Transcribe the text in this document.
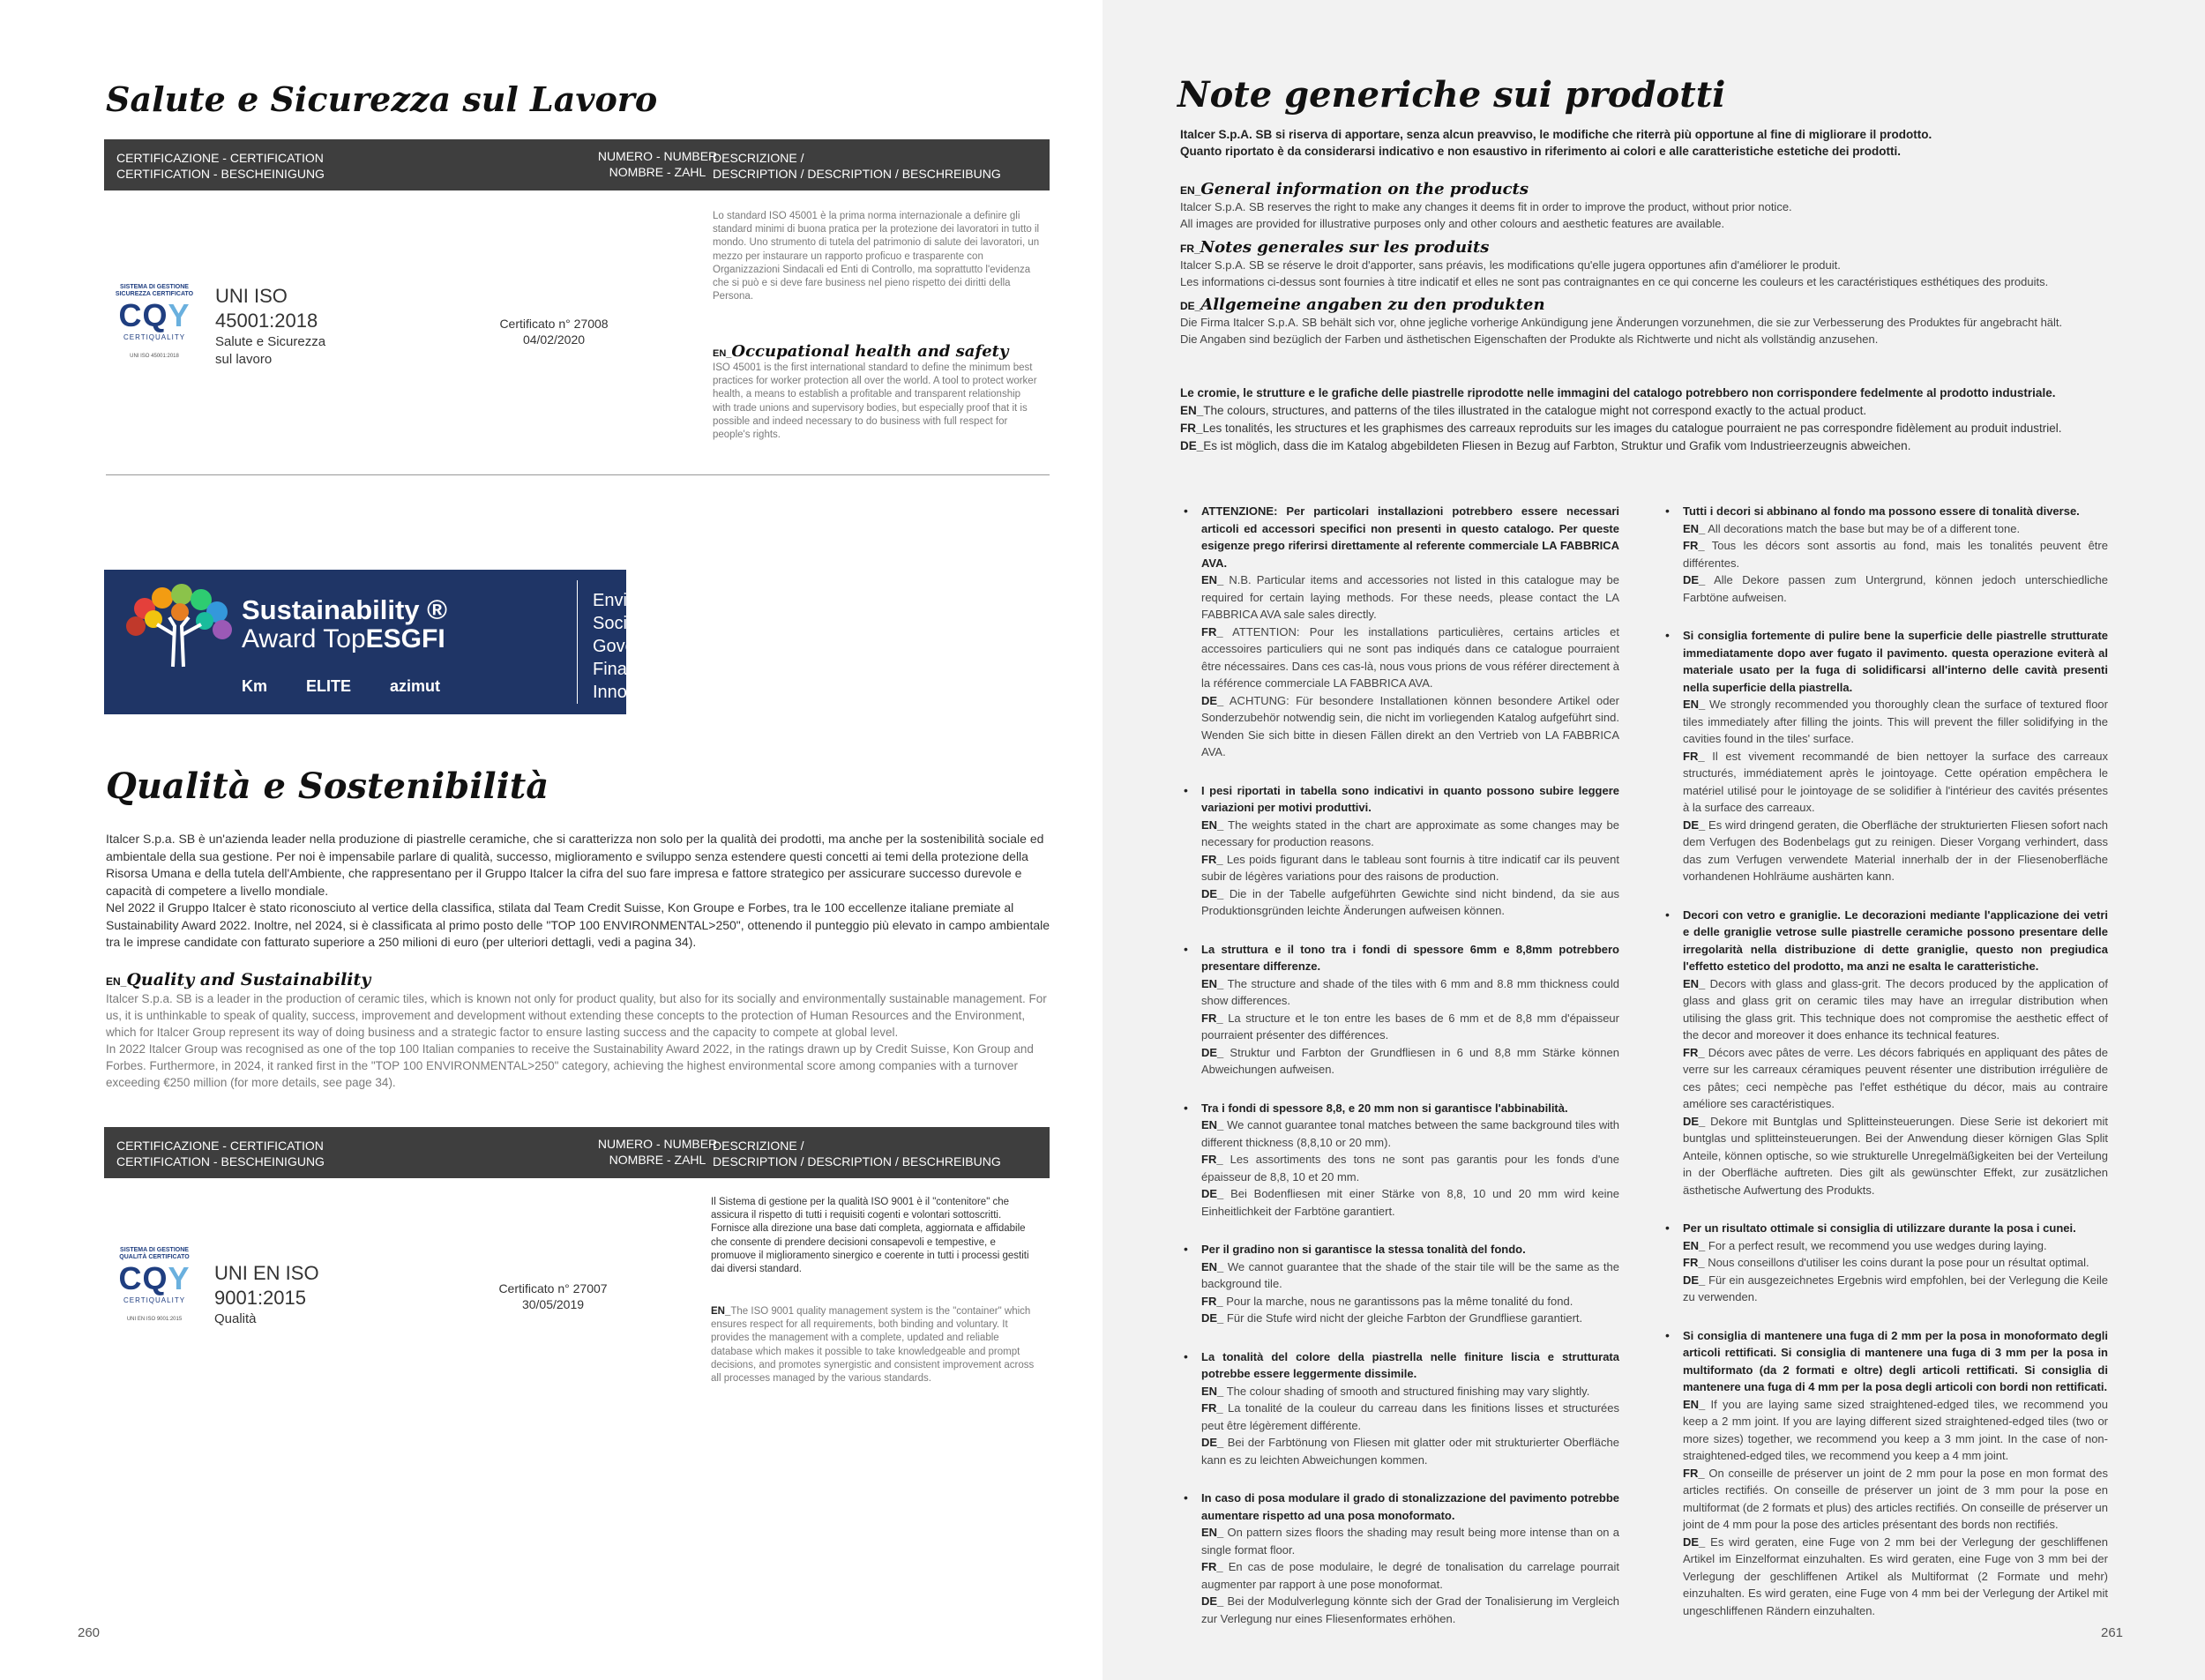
Salute e Sicurezza sul Lavoro
CERTIFICAZIONE - CERTIFICATION
CERTIFICATION - BESCHEINIGUNG
NUMERO - NUMBER
NOMBRE - ZAHL
DESCRIZIONE /
DESCRIPTION / DESCRIPTION / BESCHREIBUNG
SISTEMA DI GESTIONE
SICUREZZA CERTIFICATO
CQY
CERTIQUALITY
UNI ISO 45001:2018
UNI ISO
45001:2018
Salute e Sicurezza
sul lavoro
Certificato n° 27008
04/02/2020
Lo standard ISO 45001 è la prima norma internazionale a definire gli standard minimi di buona pratica per la protezione dei lavoratori in tutto il mondo. Uno strumento di tutela del patrimonio di salute dei lavoratori, un mezzo per instaurare un rapporto proficuo e trasparente con Organizzazioni Sindacali ed Enti di Controllo, ma soprattutto l'evidenza che si può e si deve fare business nel pieno rispetto dei diritti della Persona.
EN_Occupational health and safety
ISO 45001 is the first international standard to define the minimum best practices for worker protection all over the world. A tool to protect worker health, a means to establish a profitable and transparent relationship with trade unions and supervisory bodies, but especially proof that it is possible and indeed necessary to do business with full respect for people's rights.
Sustainability ®
Award TopESGFI
Km ELITE azimut
Environmental
Social
Governance
Finance
Innovation
Qualità e Sostenibilità
Italcer S.p.a. SB è un'azienda leader nella produzione di piastrelle ceramiche, che si caratterizza non solo per la qualità dei prodotti, ma anche per la sostenibilità sociale ed ambientale della sua gestione. Per noi è impensabile parlare di qualità, successo, miglioramento e sviluppo senza estendere questi concetti ai temi della protezione della Risorsa Umana e della tutela dell'Ambiente, che rappresentano per il Gruppo Italcer la cifra del suo fare impresa e fattore strategico per assicurare successo durevole e capacità di competere a livello mondiale.
Nel 2022 il Gruppo Italcer è stato riconosciuto al vertice della classifica, stilata dal Team Credit Suisse, Kon Groupe e Forbes, tra le 100 eccellenze italiane premiate al Sustainability Award 2022. Inoltre, nel 2024, si è classificata al primo posto delle "TOP 100 ENVIRONMENTAL>250", ottenendo il punteggio più elevato in campo ambientale tra le imprese candidate con fatturato superiore a 250 milioni di euro (per ulteriori dettagli, vedi a pagina 34).
EN_Quality and Sustainability
Italcer S.p.a. SB is a leader in the production of ceramic tiles, which is known not only for product quality, but also for its socially and environmentally sustainable management. For us, it is unthinkable to speak of quality, success, improvement and development without extending these concepts to the protection of Human Resources and the Environment, which for Italcer Group represent its way of doing business and a strategic factor to ensure lasting success and the capacity to compete at global level.
In 2022 Italcer Group was recognised as one of the top 100 Italian companies to receive the Sustainability Award 2022, in the ratings drawn up by Credit Suisse, Kon Group and Forbes. Furthermore, in 2024, it ranked first in the "TOP 100 ENVIRONMENTAL>250" category, achieving the highest environmental score among companies with a turnover exceeding €250 million (for more details, see page 34).
CERTIFICAZIONE - CERTIFICATION
CERTIFICATION - BESCHEINIGUNG
NUMERO - NUMBER
NOMBRE - ZAHL
DESCRIZIONE /
DESCRIPTION / DESCRIPTION / BESCHREIBUNG
SISTEMA DI GESTIONE
QUALITÀ CERTIFICATO
CQY
CERTIQUALITY
UNI EN ISO 9001:2015
UNI EN ISO
9001:2015
Qualità
Certificato n° 27007
30/05/2019
Il Sistema di gestione per la qualità ISO 9001 è il "contenitore" che assicura il rispetto di tutti i requisiti cogenti e volontari sottoscritti. Fornisce alla direzione una base dati completa, aggiornata e affidabile che consente di prendere decisioni consapevoli e tempestive, e promuove il miglioramento sinergico e coerente in tutti i processi gestiti dai diversi standard.
EN_The ISO 9001 quality management system is the "container" which ensures respect for all requirements, both binding and voluntary. It provides the management with a complete, updated and reliable database which makes it possible to take knowledgeable and prompt decisions, and promotes synergistic and consistent improvement across all processes managed by the various standards.
260
Note generiche sui prodotti
Italcer S.p.A. SB si riserva di apportare, senza alcun preavviso, le modifiche che riterrà più opportune al fine di migliorare il prodotto.
Quanto riportato è da considerarsi indicativo e non esaustivo in riferimento ai colori e alle caratteristiche estetiche dei prodotti.
EN_General information on the products
Italcer S.p.A. SB reserves the right to make any changes it deems fit in order to improve the product, without prior notice.
All images are provided for illustrative purposes only and other colours and aesthetic features are available.
FR_Notes generales sur les produits
Italcer S.p.A. SB se réserve le droit d'apporter, sans préavis, les modifications qu'elle jugera opportunes afin d'améliorer le produit.
Les informations ci-dessus sont fournies à titre indicatif et elles ne sont pas contraignantes en ce qui concerne les couleurs et les caractéristiques esthétiques des produits.
DE_Allgemeine angaben zu den produkten
Die Firma Italcer S.p.A. SB behält sich vor, ohne jegliche vorherige Ankündigung jene Änderungen vorzunehmen, die sie zur Verbesserung des Produktes für angebracht hält.
Die Angaben sind bezüglich der Farben und ästhetischen Eigenschaften der Produkte als Richtwerte und nicht als vollständig anzusehen.
Le cromie, le strutture e le grafiche delle piastrelle riprodotte nelle immagini del catalogo potrebbero non corrispondere fedelmente al prodotto industriale.
EN_The colours, structures, and patterns of the tiles illustrated in the catalogue might not correspond exactly to the actual product.
FR_Les tonalités, les structures et les graphismes des carreaux reproduits sur les images du catalogue pourraient ne pas correspondre fidèlement au produit industriel.
DE_Es ist möglich, dass die im Katalog abgebildeten Fliesen in Bezug auf Farbton, Struktur und Grafik vom Industrieerzeugnis abweichen.
• ATTENZIONE: Per particolari installazioni potrebbero essere necessari articoli ed accessori specifici non presenti in questo catalogo. Per queste esigenze prego riferirsi direttamente al referente commerciale LA FABBRICA AVA.
EN_ N.B. Particular items and accessories not listed in this catalogue may be required for certain laying methods. For these needs, please contact the LA FABBRICA AVA sale sales directly.
FR_ ATTENTION: Pour les installations particulières, certains articles et accessoires particuliers qui ne sont pas indiqués dans ce catalogue pourraient être nécessaires. Dans ces cas-là, nous vous prions de vous référer directement à la référence commerciale LA FABBRICA AVA.
DE_ ACHTUNG: Für besondere Installationen können besondere Artikel oder Sonderzubehör notwendig sein, die nicht im vorliegenden Katalog aufgeführt sind. Wenden Sie sich bitte in diesen Fällen direkt an den Vertrieb von LA FABBRICA AVA.
• I pesi riportati in tabella sono indicativi in quanto possono subire leggere variazioni per motivi produttivi.
EN_ The weights stated in the chart are approximate as some changes may be necessary for production reasons.
FR_ Les poids figurant dans le tableau sont fournis à titre indicatif car ils peuvent subir de légères variations pour des raisons de production.
DE_ Die in der Tabelle aufgeführten Gewichte sind nicht bindend, da sie aus Produktionsgründen leichte Änderungen aufweisen können.
• La struttura e il tono tra i fondi di spessore 6mm e 8,8mm potrebbero presentare differenze.
EN_ The structure and shade of the tiles with 6 mm and 8.8 mm thickness could show differences.
FR_ La structure et le ton entre les bases de 6 mm et de 8,8 mm d'épaisseur pourraient présenter des différences.
DE_ Struktur und Farbton der Grundfliesen in 6 und 8,8 mm Stärke können Abweichungen aufweisen.
• Tra i fondi di spessore 8,8, e 20 mm non si garantisce l'abbinabilità.
EN_ We cannot guarantee tonal matches between the same background tiles with different thickness (8,8,10 or 20 mm).
FR_ Les assortiments des tons ne sont pas garantis pour les fonds d'une épaisseur de 8,8, 10 et 20 mm.
DE_ Bei Bodenfliesen mit einer Stärke von 8,8, 10 und 20 mm wird keine Einheitlichkeit der Farbtöne garantiert.
• Per il gradino non si garantisce la stessa tonalità del fondo.
EN_ We cannot guarantee that the shade of the stair tile will be the same as the background tile.
FR_ Pour la marche, nous ne garantissons pas la même tonalité du fond.
DE_ Für die Stufe wird nicht der gleiche Farbton der Grundfliese garantiert.
• La tonalità del colore della piastrella nelle finiture liscia e strutturata potrebbe essere leggermente dissimile.
EN_ The colour shading of smooth and structured finishing may vary slightly.
FR_ La tonalité de la couleur du carreau dans les finitions lisses et structurées peut être légèrement différente.
DE_ Bei der Farbtönung von Fliesen mit glatter oder mit strukturierter Oberfläche kann es zu leichten Abweichungen kommen.
• In caso di posa modulare il grado di stonalizzazione del pavimento potrebbe aumentare rispetto ad una posa monoformato.
EN_ On pattern sizes floors the shading may result being more intense than on a single format floor.
FR_ En cas de pose modulaire, le degré de tonalisation du carrelage pourrait augmenter par rapport à une pose monoformat.
DE_ Bei der Modulverlegung könnte sich der Grad der Tonalisierung im Vergleich zur Verlegung nur eines Fliesenformates erhöhen.
• Tutti i decori si abbinano al fondo ma possono essere di tonalità diverse.
EN_ All decorations match the base but may be of a different tone.
FR_ Tous les décors sont assortis au fond, mais les tonalités peuvent être différentes.
DE_ Alle Dekore passen zum Untergrund, können jedoch unterschiedliche Farbtöne aufweisen.
• Si consiglia fortemente di pulire bene la superficie delle piastrelle strutturate immediatamente dopo aver fugato il pavimento. questa operazione eviterà al materiale usato per la fuga di solidificarsi all'interno delle cavità presenti nella superficie della piastrella.
EN_ We strongly recommended you thoroughly clean the surface of textured floor tiles immediately after filling the joints. This will prevent the filler solidifying in the cavities found in the tiles' surface.
FR_ Il est vivement recommandé de bien nettoyer la surface des carreaux structurés, immédiatement après le jointoyage. Cette opération empêchera le matériel utilisé pour le jointoyage de se solidifier à l'intérieur des cavités présentes à la surface des carreaux.
DE_ Es wird dringend geraten, die Oberfläche der strukturierten Fliesen sofort nach dem Verfugen des Bodenbelags gut zu reinigen. Dieser Vorgang verhindert, dass das zum Verfugen verwendete Material innerhalb der in der Fliesenoberfläche vorhandenen Hohlräume aushärten kann.
• Decori con vetro e graniglie. Le decorazioni mediante l'applicazione dei vetri e delle graniglie vetrose sulle piastrelle ceramiche possono presentare delle irregolarità nella distribuzione di dette graniglie, questo non pregiudica l'effetto estetico del prodotto, ma anzi ne esalta le caratteristiche.
EN_ Decors with glass and glass-grit. The decors produced by the application of glass and glass grit on ceramic tiles may have an irregular distribution when utilising the glass grit. This technique does not compromise the aesthetic effect of the decor and moreover it does enhance its technical features.
FR_ Décors avec pâtes de verre. Les décors fabriqués en appliquant des pâtes de verre sur les carreaux céramiques peuvent résenter une distribution irrégulière de ces pâtes; ceci nempèche pas l'effet esthétique du décor, mais au contraire améliore ses caractéristiques.
DE_ Dekore mit Buntglas und Splitteinsteuerungen. Diese Serie ist dekoriert mit buntglas und splitteinsteuerungen. Bei der Anwendung dieser körnigen Glas Split Anteile, können optische, so wie strukturelle Unregelmäßigkeiten bei der Verteilung in der Oberfläche auftreten. Dies gilt als gewünschter Effekt, zur zusätzlichen ästhetische Aufwertung des Produkts.
• Per un risultato ottimale si consiglia di utilizzare durante la posa i cunei.
EN_ For a perfect result, we recommend you use wedges during laying.
FR_ Nous conseillons d'utiliser les coins durant la pose pour un résultat optimal.
DE_ Für ein ausgezeichnetes Ergebnis wird empfohlen, bei der Verlegung die Keile zu verwenden.
• Si consiglia di mantenere una fuga di 2 mm per la posa in monoformato degli articoli rettificati. Si consiglia di mantenere una fuga di 3 mm per la posa in multiformato (da 2 formati e oltre) degli articoli rettificati. Si consiglia di mantenere una fuga di 4 mm per la posa degli articoli con bordi non rettificati.
EN_ If you are laying same sized straightened-edged tiles, we recommend you keep a 2 mm joint. If you are laying different sized straightened-edged tiles (two or more sizes) together, we recommend you keep a 3 mm joint. In the case of non-straightened-edged tiles, we recommend you keep a 4 mm joint.
FR_ On conseille de préserver un joint de 2 mm pour la pose en mon format des articles rectifiés. On conseille de préserver un joint de 3 mm pour la pose en multiformat (de 2 formats et plus) des articles rectifiés. On conseille de préserver un joint de 4 mm pour la pose des articles présentant des bords non rectifiés.
DE_ Es wird geraten, eine Fuge von 2 mm bei der Verlegung der geschliffenen Artikel im Einzelformat einzuhalten. Es wird geraten, eine Fuge von 3 mm bei der Verlegung der geschliffenen Artikel als Multiformat (2 Formate und mehr) einzuhalten. Es wird geraten, eine Fuge von 4 mm bei der Verlegung der Artikel mit ungeschliffenen Rändern einzuhalten.
261
